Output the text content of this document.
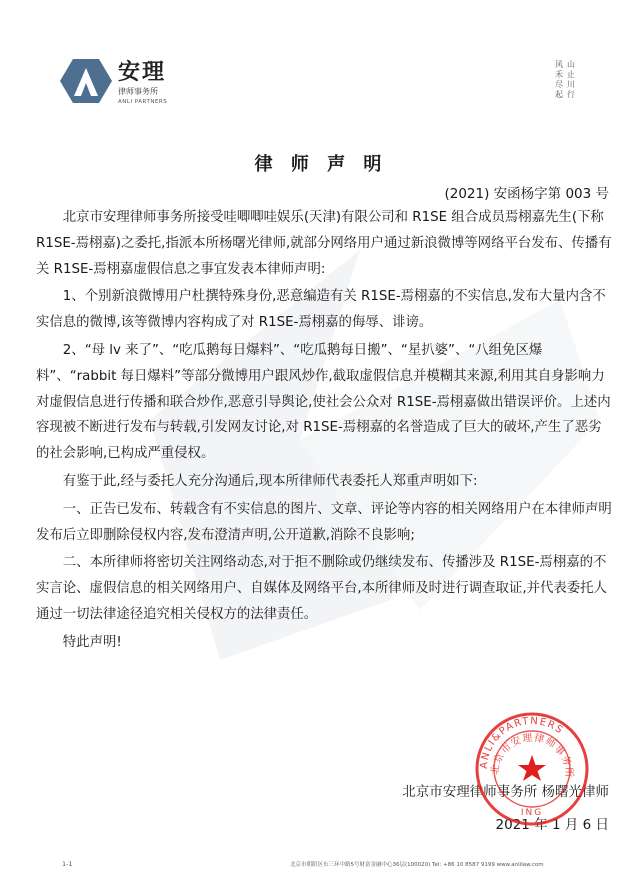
安理
律师事务所
ANLI PARTNERS
山止川行
风禾尽起
律 师 声 明

(2021) 安函杨字第 003 号

北京市安理律师事务所接受哇唧唧哇娱乐(天津)有限公司和 R1SE 组合成员焉栩嘉先生(下称 R1SE-焉栩嘉)之委托,指派本所杨曙光律师,就部分网络用户通过新浪微博等网络平台发布、传播有关 R1SE-焉栩嘉虚假信息之事宜发表本律师声明:

1、个别新浪微博用户杜撰特殊身份,恶意编造有关 R1SE-焉栩嘉的不实信息,发布大量内含不实信息的微博,该等微博内容构成了对 R1SE-焉栩嘉的侮辱、诽谤。

2、“母 lv 来了”、“吃瓜鹅每日爆料”、“吃瓜鹅每日搬”、“星扒婆”、“八组免区爆料”、“rabbit 每日爆料”等部分微博用户跟风炒作,截取虚假信息并模糊其来源,利用其自身影响力对虚假信息进行传播和联合炒作,恶意引导舆论,使社会公众对 R1SE-焉栩嘉做出错误评价。上述内容现被不断进行发布与转载,引发网友讨论,对 R1SE-焉栩嘉的名誉造成了巨大的破坏,产生了恶劣的社会影响,已构成严重侵权。

有鉴于此,经与委托人充分沟通后,现本所律师代表委托人郑重声明如下:

一、正告已发布、转载含有不实信息的图片、文章、评论等内容的相关网络用户在本律师声明发布后立即删除侵权内容,发布澄清声明,公开道歉,消除不良影响;

二、本所律师将密切关注网络动态,对于拒不删除或仍继续发布、传播涉及 R1SE-焉栩嘉的不实言论、虚假信息的相关网络用户、自媒体及网络平台,本所律师及时进行调查取证,并代表委托人通过一切法律途径追究相关侵权方的法律责任。

特此声明!

北京市安理律师事务所 杨曙光律师

2021 年 1 月 6 日

ANLI&PARTNERS
北京市安理律师事务所
ING

1-1	北京市朝阳区东三环中路5号财富金融中心36层(100020) Tel: +86 10 8587 9199 www.anlilaw.com
